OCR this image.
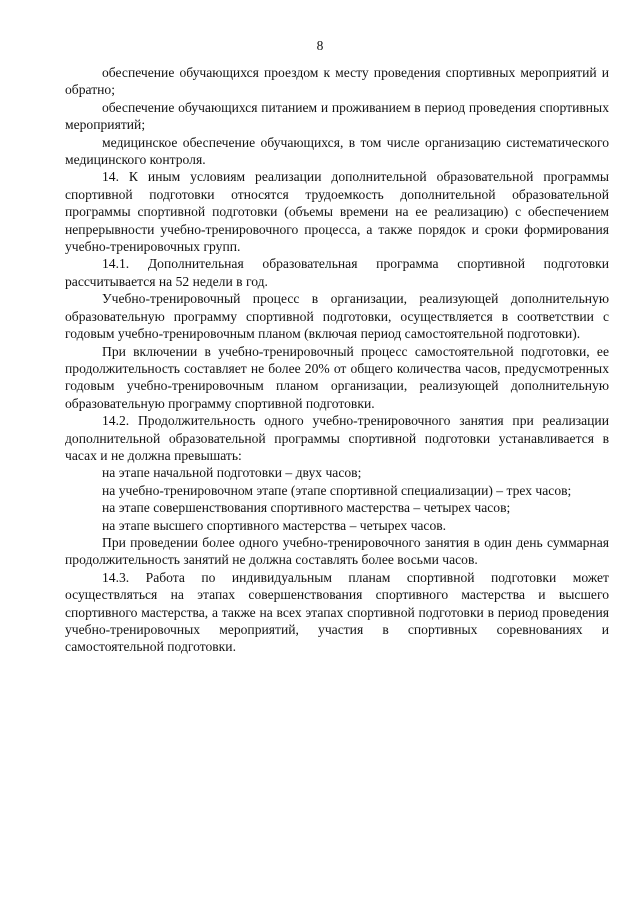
8

обеспечение обучающихся проездом к месту проведения спортивных мероприятий и обратно;

обеспечение обучающихся питанием и проживанием в период проведения спортивных мероприятий;

медицинское обеспечение обучающихся, в том числе организацию систематического медицинского контроля.

14. К иным условиям реализации дополнительной образовательной программы спортивной подготовки относятся трудоемкость дополнительной образовательной программы спортивной подготовки (объемы времени на ее реализацию) с обеспечением непрерывности учебно-тренировочного процесса, а также порядок и сроки формирования учебно-тренировочных групп.

14.1. Дополнительная образовательная программа спортивной подготовки рассчитывается на 52 недели в год.

Учебно-тренировочный процесс в организации, реализующей дополнительную образовательную программу спортивной подготовки, осуществляется в соответствии с годовым учебно-тренировочным планом (включая период самостоятельной подготовки).

При включении в учебно-тренировочный процесс самостоятельной подготовки, ее продолжительность составляет не более 20% от общего количества часов, предусмотренных годовым учебно-тренировочным планом организации, реализующей дополнительную образовательную программу спортивной подготовки.

14.2. Продолжительность одного учебно-тренировочного занятия при реализации дополнительной образовательной программы спортивной подготовки устанавливается в часах и не должна превышать:

на этапе начальной подготовки – двух часов;

на учебно-тренировочном этапе (этапе спортивной специализации) – трех часов;

на этапе совершенствования спортивного мастерства – четырех часов;

на этапе высшего спортивного мастерства – четырех часов.

При проведении более одного учебно-тренировочного занятия в один день суммарная продолжительность занятий не должна составлять более восьми часов.

14.3. Работа по индивидуальным планам спортивной подготовки может осуществляться на этапах совершенствования спортивного мастерства и высшего спортивного мастерства, а также на всех этапах спортивной подготовки в период проведения учебно-тренировочных мероприятий, участия в спортивных соревнованиях и самостоятельной подготовки.
